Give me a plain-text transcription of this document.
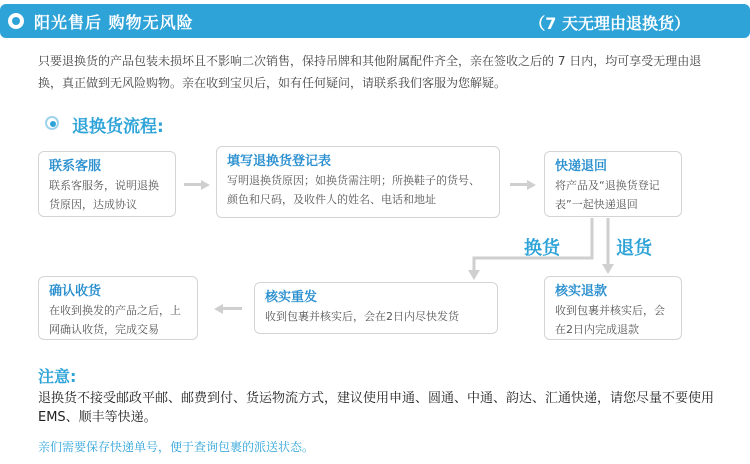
阳光售后 购物无风险	（7 天无理由退换货）
只要退换货的产品包装未损坏且不影响二次销售，保持吊牌和其他附属配件齐全，亲在签收之后的 7 日内，均可享受无理由退换，真正做到无风险购物。亲在收到宝贝后，如有任何疑问，请联系我们客服为您解疑。
退换货流程:
联系客服
联系客服务，说明退换货原因，达成协议
填写退换货登记表
写明退换货原因；如换货需注明；所换鞋子的货号、颜色和尺码，及收件人的姓名、电话和地址
快递退回
将产品及“退换货登记表”一起快递退回
换货	退货
核实退款
收到包裹并核实后，会在2日内完成退款
核实重发
收到包裹并核实后，会在2日内尽快发货
确认收货
在收到换发的产品之后，上网确认收货，完成交易
注意:
退换货不接受邮政平邮、邮费到付、货运物流方式，建议使用申通、圆通、中通、韵达、汇通快递，请您尽量不要使用EMS、顺丰等快递。
亲们需要保存快递单号，便于查询包裹的派送状态。
